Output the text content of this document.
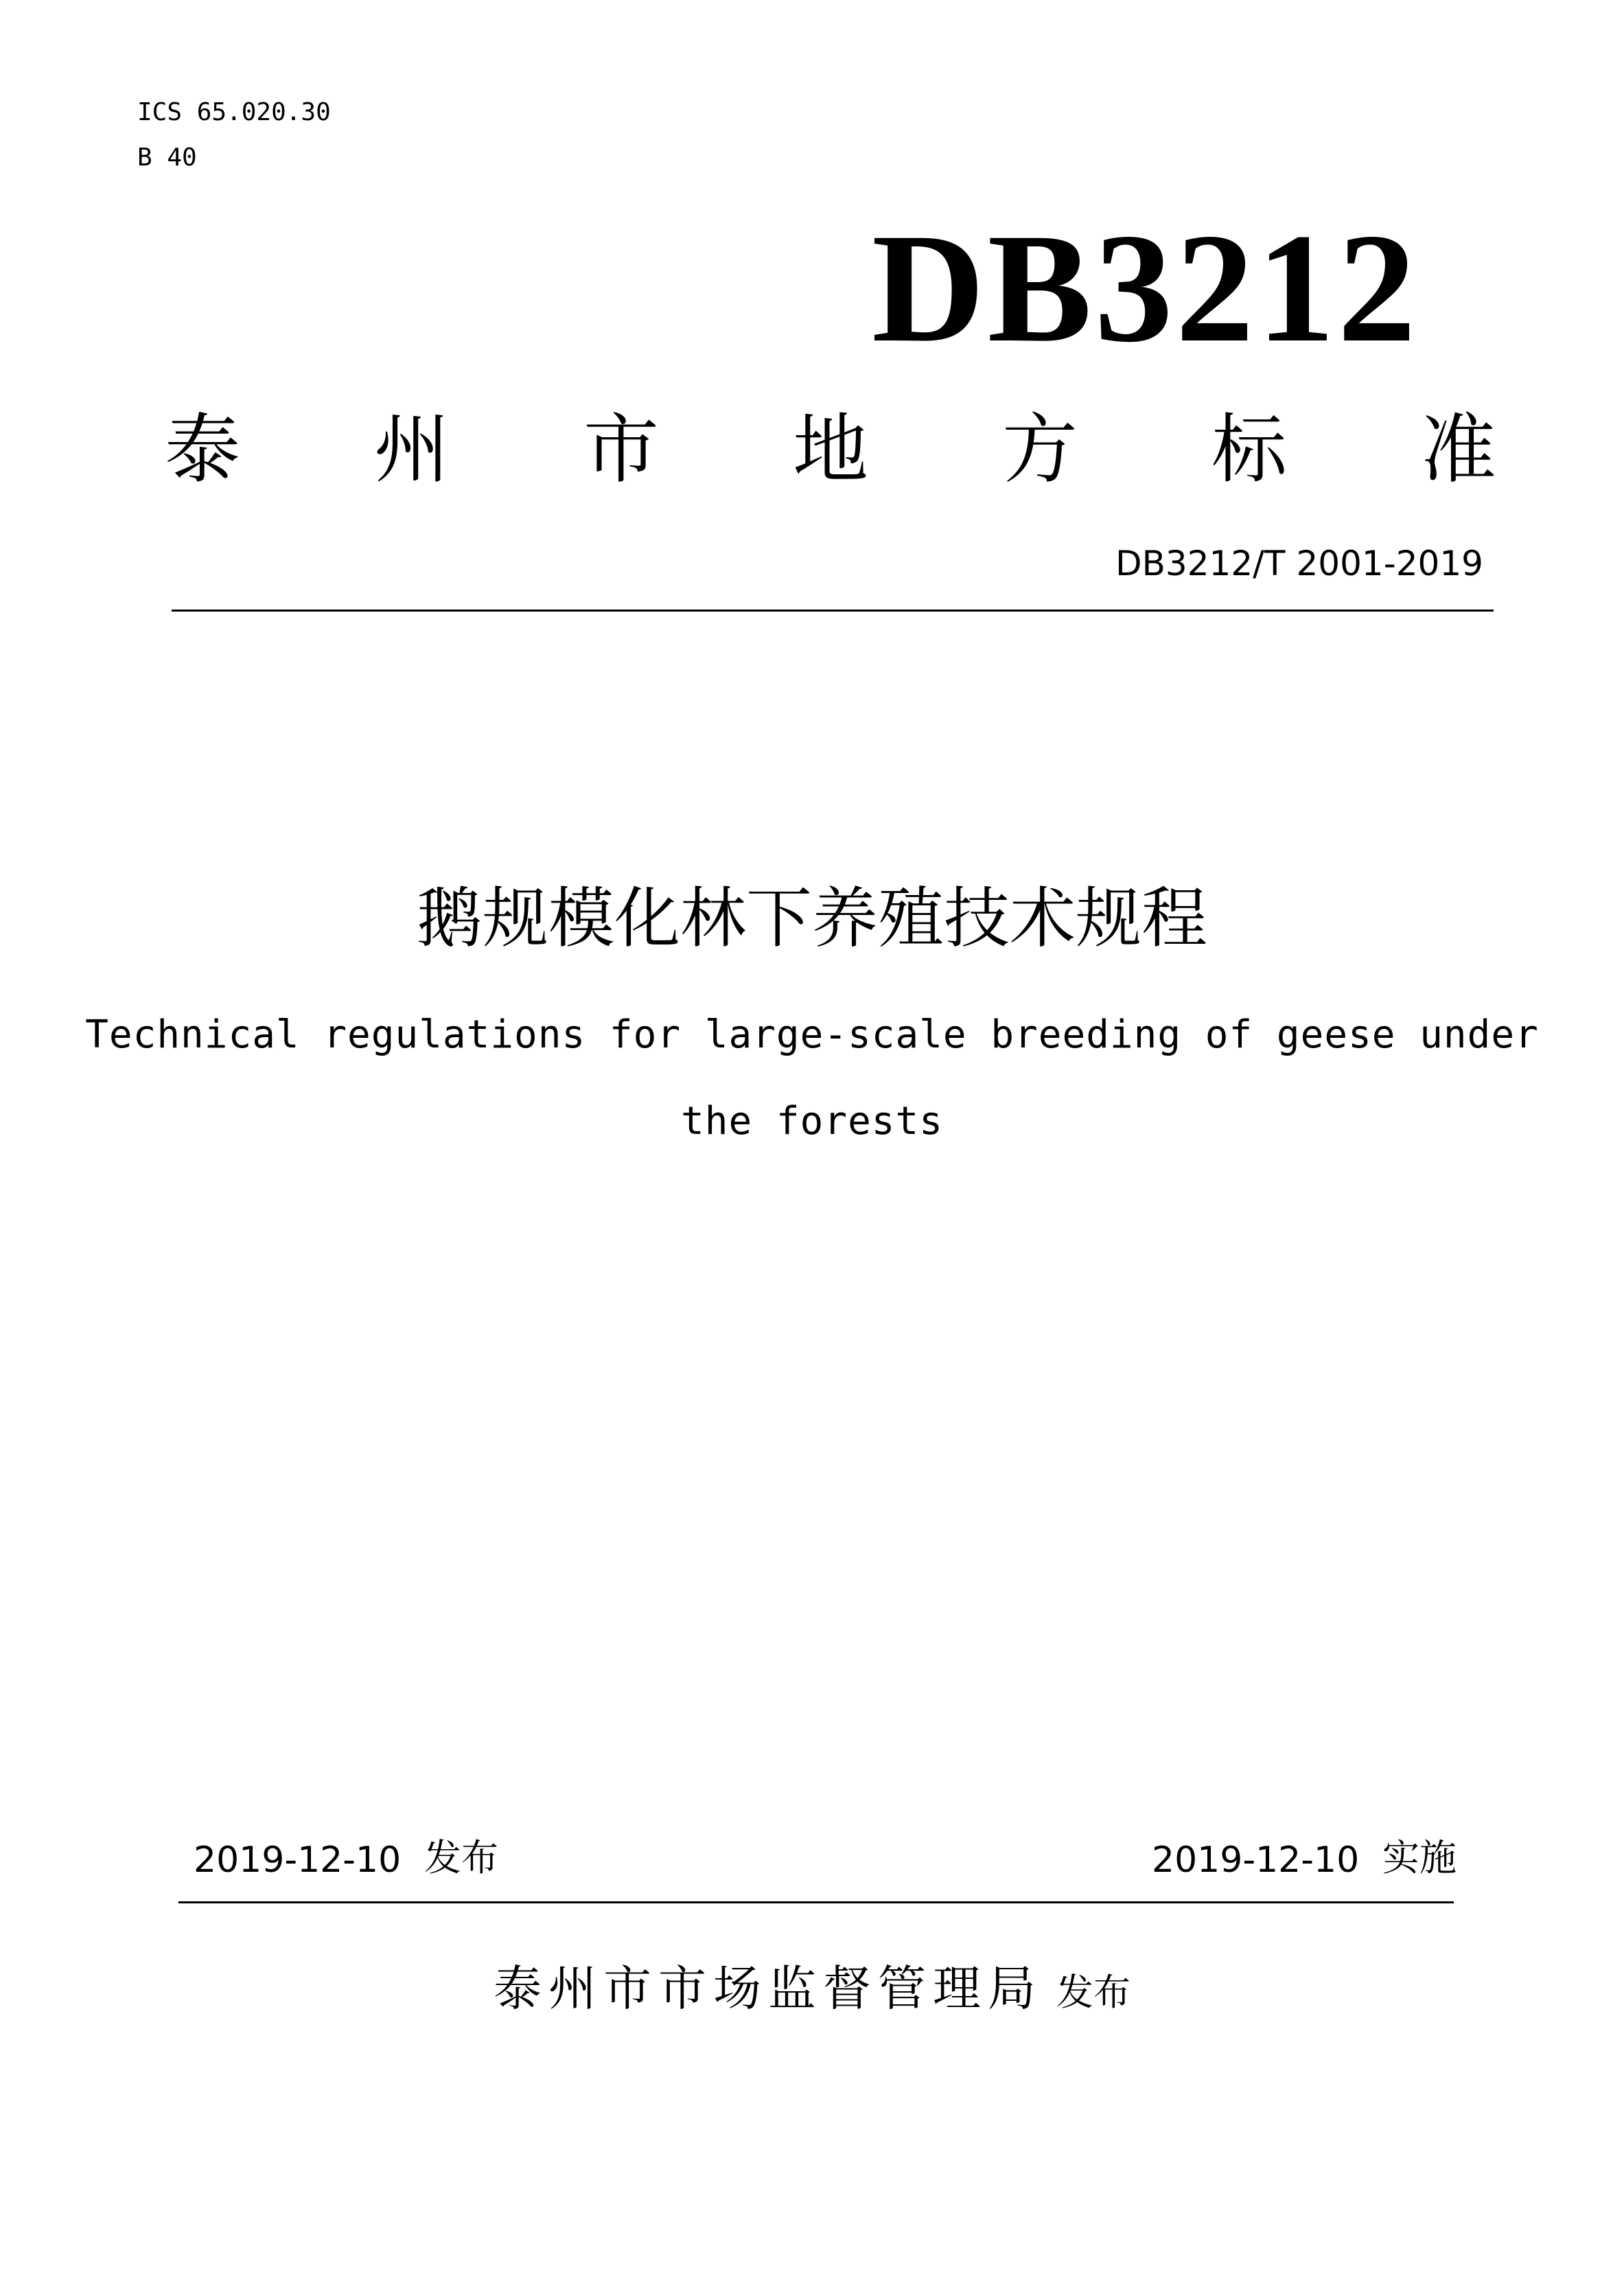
ICS 65.020.30
B 40
DB3212
泰 州 市 地 方 标 准
DB3212/T 2001-2019
鹅规模化林下养殖技术规程
Technical regulations for large-scale breeding of geese under
the forests
2019-12-10 发布	2019-12-10 实施
泰州市市场监督管理局 发布
